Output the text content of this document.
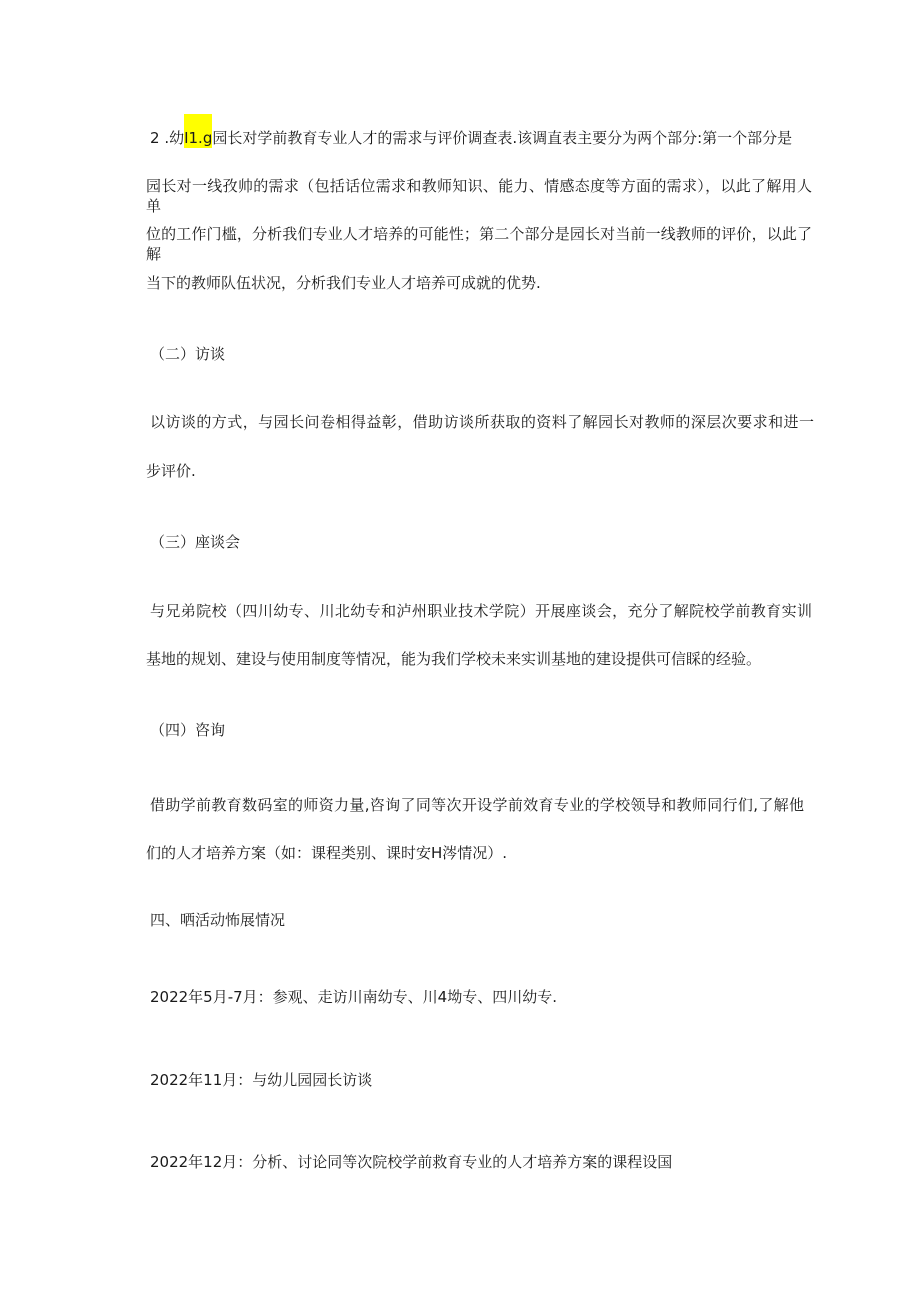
2 .幼I1.g园长对学前教育专业人才的需求与评价调查表.该调直表主要分为两个部分:第一个部分是
园长对一线孜帅的需求（包括话位需求和教师知识、能力、情感态度等方面的需求），以此了解用人单
位的工作门槛，分析我们专业人才培养的可能性；第二个部分是园长对当前一线教师的评价，以此了解
当下的教师队伍状况，分析我们专业人才培养可成就的优势.
（二）访谈
以访谈的方式，与园长问卷相得益彰，借助访谈所获取的资料了解园长对教师的深层次要求和进一
步评价.
（三）座谈会
与兄弟院校（四川幼专、川北幼专和泸州职业技术学院）开展座谈会，充分了解院校学前教育实训
基地的规划、建设与使用制度等情况，能为我们学校未来实训基地的建设提供可信睬的经验。
（四）咨询
借助学前教育数码室的师资力量,咨询了同等次开设学前效育专业的学校领导和教师同行们,了解他
们的人才培养方案（如：课程类别、课时安H涔情况）.
四、哂活动怖展情况
2022年5月-7月：参观、走访川南幼专、川4坳专、四川幼专.
2022年11月：与幼儿园园长访谈
2022年12月：分析、讨论同等次院校学前救育专业的人才培养方案的课程设国
